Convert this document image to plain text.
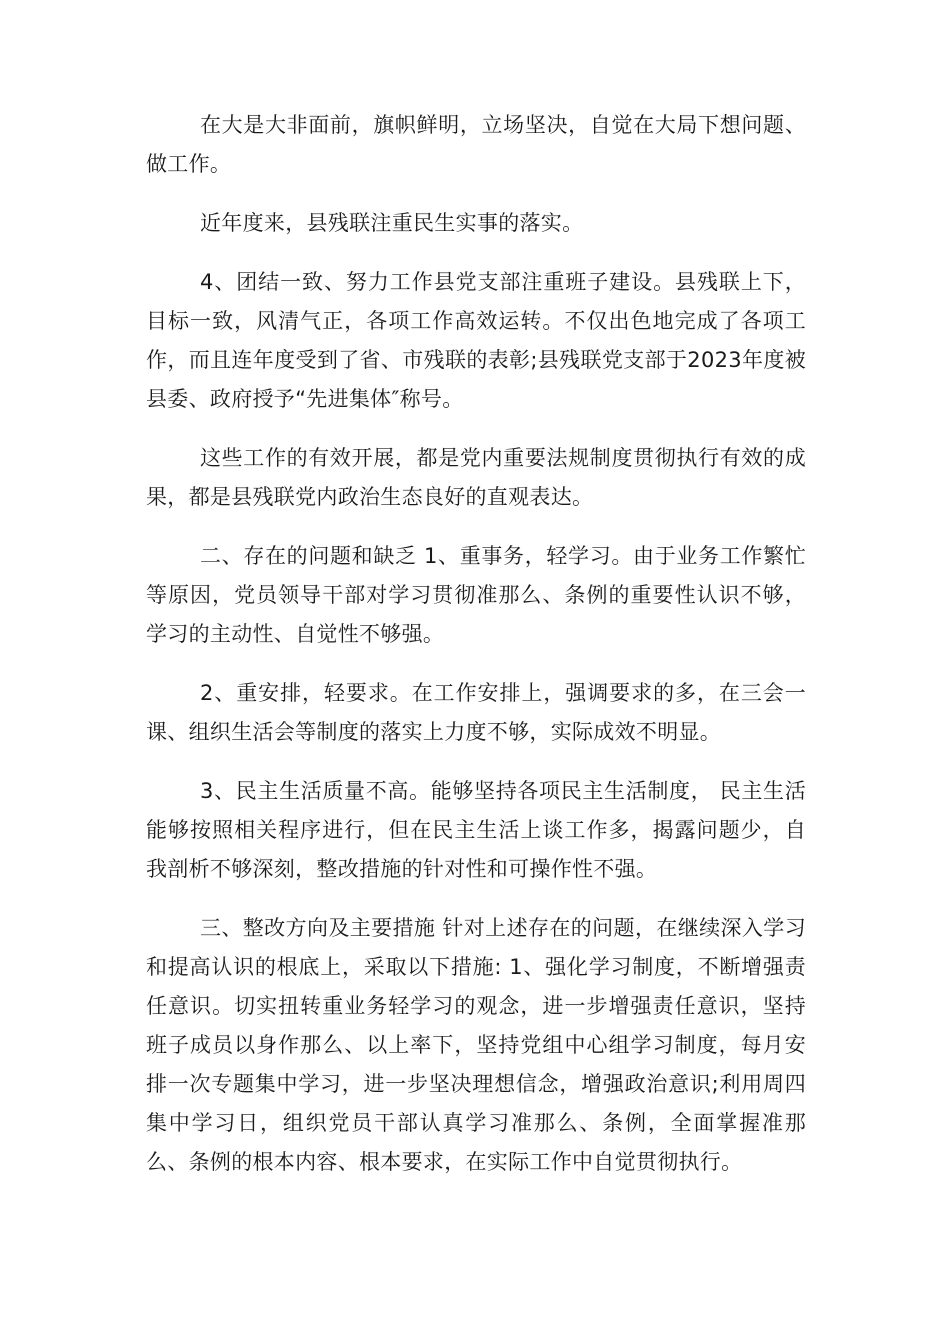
在大是大非面前，旗帜鲜明，立场坚决，自觉在大局下想问题、做工作。

近年度来，县残联注重民生实事的落实。

4、团结一致、努力工作县党支部注重班子建设。县残联上下，目标一致，风清气正，各项工作高效运转。不仅出色地完成了各项工作，而且连年度受到了省、市残联的表彰;县残联党支部于2023年度被县委、政府授予“先进集体″称号。

这些工作的有效开展，都是党内重要法规制度贯彻执行有效的成果，都是县残联党内政治生态良好的直观表达。

二、存在的问题和缺乏 1、重事务，轻学习。由于业务工作繁忙等原因，党员领导干部对学习贯彻准那么、条例的重要性认识不够，学习的主动性、自觉性不够强。

2、重安排，轻要求。在工作安排上，强调要求的多，在三会一课、组织生活会等制度的落实上力度不够，实际成效不明显。

3、民主生活质量不高。能够坚持各项民主生活制度， 民主生活能够按照相关程序进行，但在民主生活上谈工作多，揭露问题少，自我剖析不够深刻，整改措施的针对性和可操作性不强。

三、整改方向及主要措施 针对上述存在的问题，在继续深入学习和提高认识的根底上，采取以下措施: 1、强化学习制度，不断增强责任意识。切实扭转重业务轻学习的观念，进一步增强责任意识，坚持班子成员以身作那么、以上率下，坚持党组中心组学习制度，每月安排一次专题集中学习，进一步坚决理想信念，增强政治意识;利用周四集中学习日，组织党员干部认真学习准那么、条例，全面掌握准那么、条例的根本内容、根本要求，在实际工作中自觉贯彻执行。
